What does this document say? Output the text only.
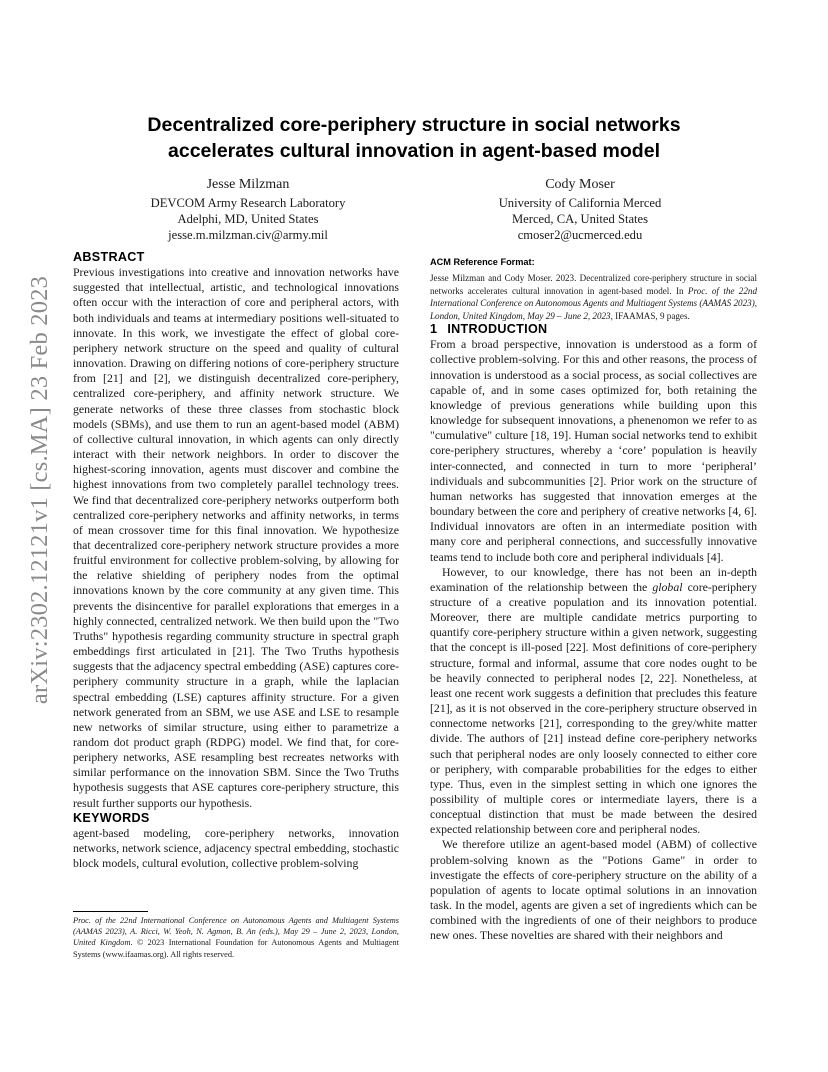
arXiv:2302.12121v1 [cs.MA] 23 Feb 2023
Decentralized core-periphery structure in social networks
accelerates cultural innovation in agent-based model
Jesse Milzman
DEVCOM Army Research Laboratory
Adelphi, MD, United States
jesse.m.milzman.civ@army.mil
Cody Moser
University of California Merced
Merced, CA, United States
cmoser2@ucmerced.edu
ABSTRACT

Previous investigations into creative and innovation networks have suggested that intellectual, artistic, and technological innovations often occur with the interaction of core and peripheral actors, with both individuals and teams at intermediary positions well-situated to innovate. In this work, we investigate the effect of global core-periphery network structure on the speed and quality of cultural innovation. Drawing on differing notions of core-periphery structure from [21] and [2], we distinguish decentralized core-periphery, centralized core-periphery, and affinity network structure. We generate networks of these three classes from stochastic block models (SBMs), and use them to run an agent-based model (ABM) of collective cultural innovation, in which agents can only directly interact with their network neighbors. In order to discover the highest-scoring innovation, agents must discover and combine the highest innovations from two completely parallel technology trees. We find that decentralized core-periphery networks outperform both centralized core-periphery networks and affinity networks, in terms of mean crossover time for this final innovation. We hypothesize that decentralized core-periphery network structure provides a more fruitful environment for collective problem-solving, by allowing for the relative shielding of periphery nodes from the optimal innovations known by the core community at any given time. This prevents the disincentive for parallel explorations that emerges in a highly connected, centralized network. We then build upon the "Two Truths" hypothesis regarding community structure in spectral graph embeddings first articulated in [21]. The Two Truths hypothesis suggests that the adjacency spectral embedding (ASE) captures core-periphery community structure in a graph, while the laplacian spectral embedding (LSE) captures affinity structure. For a given network generated from an SBM, we use ASE and LSE to resample new networks of similar structure, using either to parametrize a random dot product graph (RDPG) model. We find that, for core-periphery networks, ASE resampling best recreates networks with similar performance on the innovation SBM. Since the Two Truths hypothesis suggests that ASE captures core-periphery structure, this result further supports our hypothesis.

KEYWORDS

agent-based modeling, core-periphery networks, innovation networks, network science, adjacency spectral embedding, stochastic block models, cultural evolution, collective problem-solving

Proc. of the 22nd International Conference on Autonomous Agents and Multiagent Systems (AAMAS 2023), A. Ricci, W. Yeoh, N. Agmon, B. An (eds.), May 29 – June 2, 2023, London, United Kingdom. © 2023 International Foundation for Autonomous Agents and Multiagent Systems (www.ifaamas.org). All rights reserved.
ACM Reference Format:
Jesse Milzman and Cody Moser. 2023. Decentralized core-periphery structure in social networks accelerates cultural innovation in agent-based model. In Proc. of the 22nd International Conference on Autonomous Agents and Multiagent Systems (AAMAS 2023), London, United Kingdom, May 29 – June 2, 2023, IFAAMAS, 9 pages.
1 INTRODUCTION

From a broad perspective, innovation is understood as a form of collective problem-solving. For this and other reasons, the process of innovation is understood as a social process, as social collectives are capable of, and in some cases optimized for, both retaining the knowledge of previous generations while building upon this knowledge for subsequent innovations, a phenenomon we refer to as "cumulative" culture [18, 19]. Human social networks tend to exhibit core-periphery structures, whereby a ‘core’ population is heavily inter-connected, and connected in turn to more ‘peripheral’ individuals and subcommunities [2]. Prior work on the structure of human networks has suggested that innovation emerges at the boundary between the core and periphery of creative networks [4, 6]. Individual innovators are often in an intermediate position with many core and peripheral connections, and successfully innovative teams tend to include both core and peripheral individuals [4].

However, to our knowledge, there has not been an in-depth examination of the relationship between the global core-periphery structure of a creative population and its innovation potential. Moreover, there are multiple candidate metrics purporting to quantify core-periphery structure within a given network, suggesting that the concept is ill-posed [22]. Most definitions of core-periphery structure, formal and informal, assume that core nodes ought to be be heavily connected to peripheral nodes [2, 22]. Nonetheless, at least one recent work suggests a definition that precludes this feature [21], as it is not observed in the core-periphery structure observed in connectome networks [21], corresponding to the grey/white matter divide. The authors of [21] instead define core-periphery networks such that peripheral nodes are only loosely connected to either core or periphery, with comparable probabilities for the edges to either type. Thus, even in the simplest setting in which one ignores the possibility of multiple cores or intermediate layers, there is a conceptual distinction that must be made between the desired expected relationship between core and peripheral nodes.

We therefore utilize an agent-based model (ABM) of collective problem-solving known as the "Potions Game" in order to investigate the effects of core-periphery structure on the ability of a population of agents to locate optimal solutions in an innovation task. In the model, agents are given a set of ingredients which can be combined with the ingredients of one of their neighbors to produce new ones. These novelties are shared with their neighbors and
